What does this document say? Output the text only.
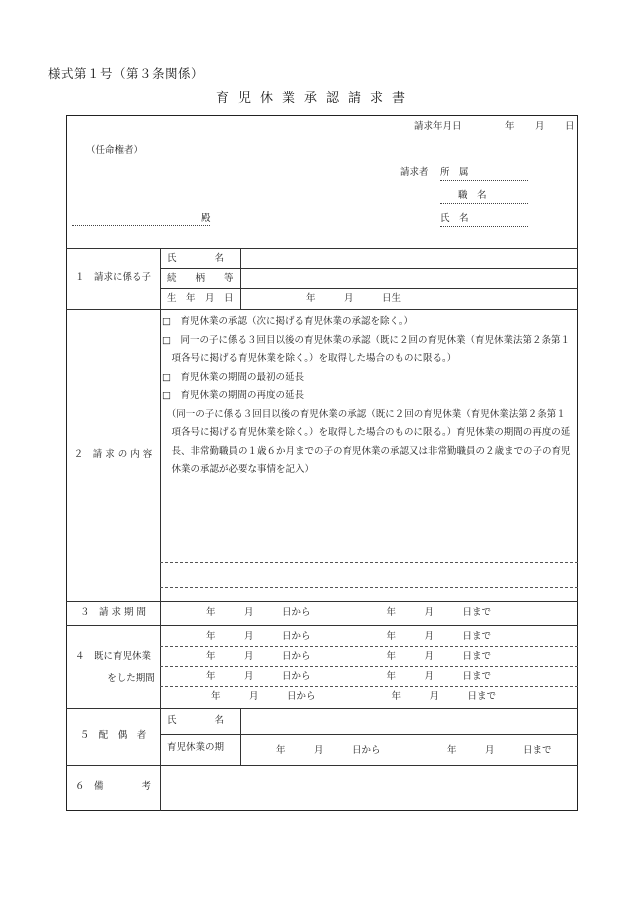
様式第１号（第３条関係）
育児休業承認請求書
請求年月日	年 月 日
（任命権者）
請求者 所　属
職　名
殿	氏　名
１　請求に係る子
氏　　　　名
続　　柄　　等
生　年　月　日	年　　　月　　　日生
２　請 求 の 内 容
□　育児休業の承認（次に掲げる育児休業の承認を除く。）
□　同一の子に係る３回目以後の育児休業の承認（既に２回の育児休業（育児休業法第２条第１項各号に掲げる育児休業を除く。）を取得した場合のものに限る。）
□　育児休業の期間の最初の延長
□　育児休業の期間の再度の延長
（同一の子に係る３回目以後の育児休業の承認（既に２回の育児休業（育児休業法第２条第１項各号に掲げる育児休業を除く。）を取得した場合のものに限る。）育児休業の期間の再度の延長、非常勤職員の１歳６か月までの子の育児休業の承認又は非常勤職員の２歳までの子の育児休業の承認が必要な事情を記入）
３　請 求 期 間	年　　　月　　　日から　　　　　　　　年　　　月　　　日まで
４　既に育児休業
をした期間
年　　　月　　　日から　　　　　　　　年　　　月　　　日まで
年　　　月　　　日から　　　　　　　　年　　　月　　　日まで
年　　　月　　　日から　　　　　　　　年　　　月　　　日まで
年　　　月　　　日から　　　　　　　　年　　　月　　　日まで
５　配　偶　者
氏　　　　名
育児休業の期	年　　　月　　　日から　　　　　　　年　　　月　　　日まで
６　備　　　　考
